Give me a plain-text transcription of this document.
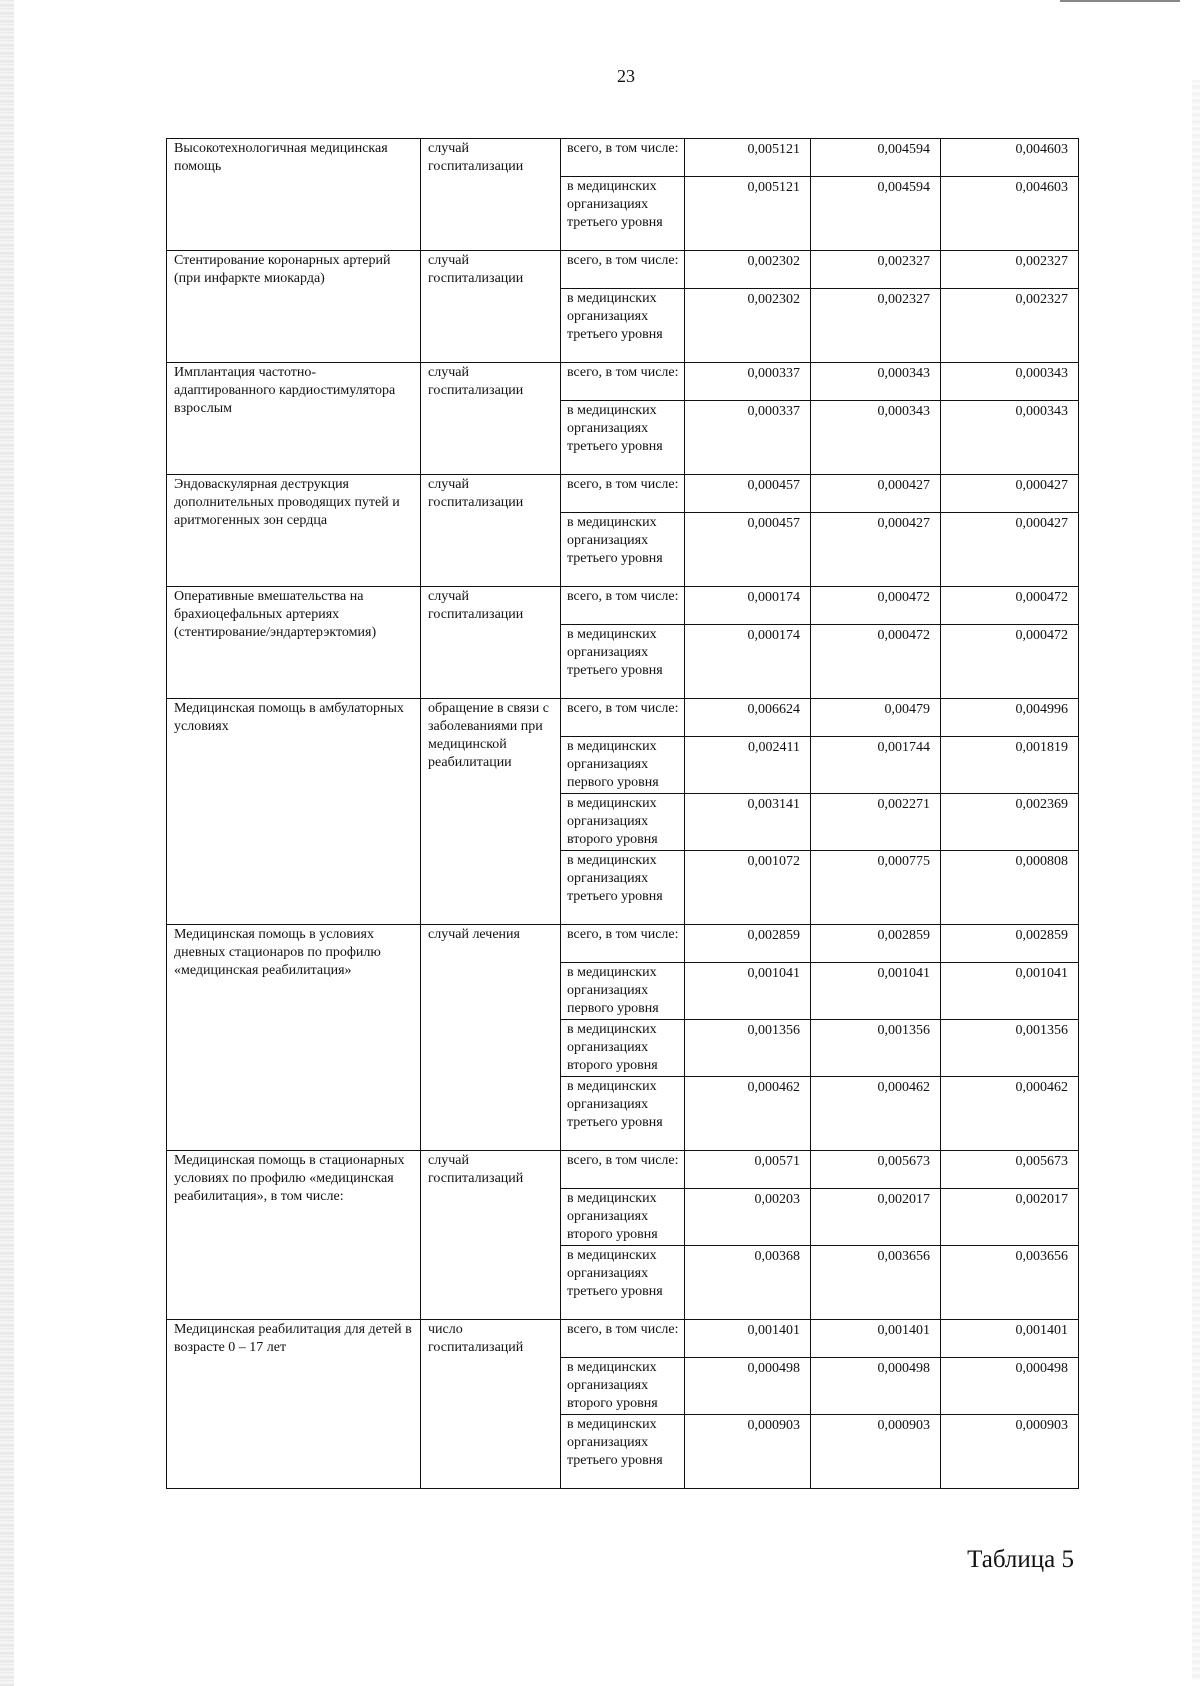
23
Высокотехнологичная медицинская помощь	случай госпитализации	всего, в том числе:	0,005121	0,004594	0,004603
		в медицинских организациях третьего уровня	0,005121	0,004594	0,004603
Стентирование коронарных артерий (при инфаркте миокарда)	случай госпитализации	всего, в том числе:	0,002302	0,002327	0,002327
		в медицинских организациях третьего уровня	0,002302	0,002327	0,002327
Имплантация частотно-адаптированного кардиостимулятора взрослым	случай госпитализации	всего, в том числе:	0,000337	0,000343	0,000343
		в медицинских организациях третьего уровня	0,000337	0,000343	0,000343
Эндоваскулярная деструкция дополнительных проводящих путей и аритмогенных зон сердца	случай госпитализации	всего, в том числе:	0,000457	0,000427	0,000427
		в медицинских организациях третьего уровня	0,000457	0,000427	0,000427
Оперативные вмешательства на брахиоцефальных артериях (стентирование/эндартерэктомия)	случай госпитализации	всего, в том числе:	0,000174	0,000472	0,000472
		в медицинских организациях третьего уровня	0,000174	0,000472	0,000472
Медицинская помощь в амбулаторных условиях	обращение в связи с заболеваниями при медицинской реабилитации	всего, в том числе:	0,006624	0,00479	0,004996
		в медицинских организациях первого уровня	0,002411	0,001744	0,001819
		в медицинских организациях второго уровня	0,003141	0,002271	0,002369
		в медицинских организациях третьего уровня	0,001072	0,000775	0,000808
Медицинская помощь в условиях дневных стационаров по профилю «медицинская реабилитация»	случай лечения	всего, в том числе:	0,002859	0,002859	0,002859
		в медицинских организациях первого уровня	0,001041	0,001041	0,001041
		в медицинских организациях второго уровня	0,001356	0,001356	0,001356
		в медицинских организациях третьего уровня	0,000462	0,000462	0,000462
Медицинская помощь в стационарных условиях по профилю «медицинская реабилитация», в том числе:	случай госпитализаций	всего, в том числе:	0,00571	0,005673	0,005673
		в медицинских организациях второго уровня	0,00203	0,002017	0,002017
		в медицинских организациях третьего уровня	0,00368	0,003656	0,003656
Медицинская реабилитация для детей в возрасте 0 – 17 лет	число госпитализаций	всего, в том числе:	0,001401	0,001401	0,001401
		в медицинских организациях второго уровня	0,000498	0,000498	0,000498
		в медицинских организациях третьего уровня	0,000903	0,000903	0,000903
Таблица 5
